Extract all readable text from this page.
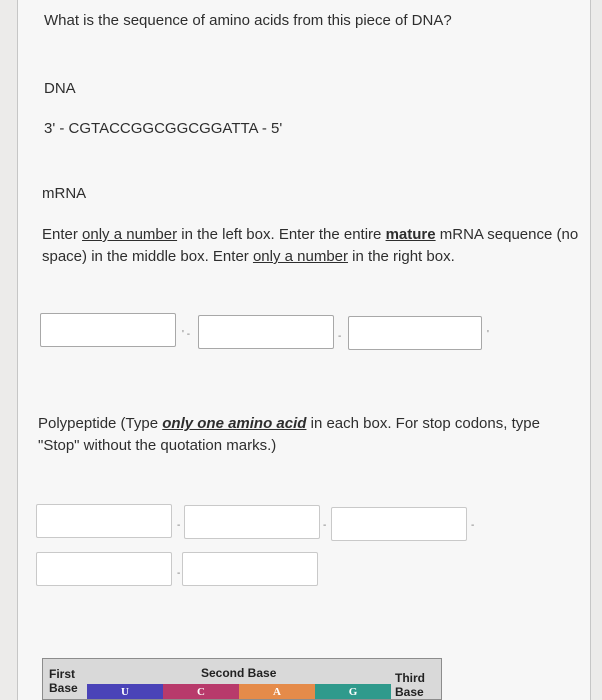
What is the sequence of amino acids from this piece of DNA?
DNA
3' - CGTACCGGCGGCGGATTA - 5'
mRNA
Enter only a number in the left box. Enter the entire mature mRNA sequence (no space) in the middle box. Enter only a number in the right box.
' -	-	'
Polypeptide (Type only one amino acid in each box. For stop codons, type "Stop" without the quotation marks.)
-	-	-
-
First Base
Second Base	Third Base
U	C	A	G
